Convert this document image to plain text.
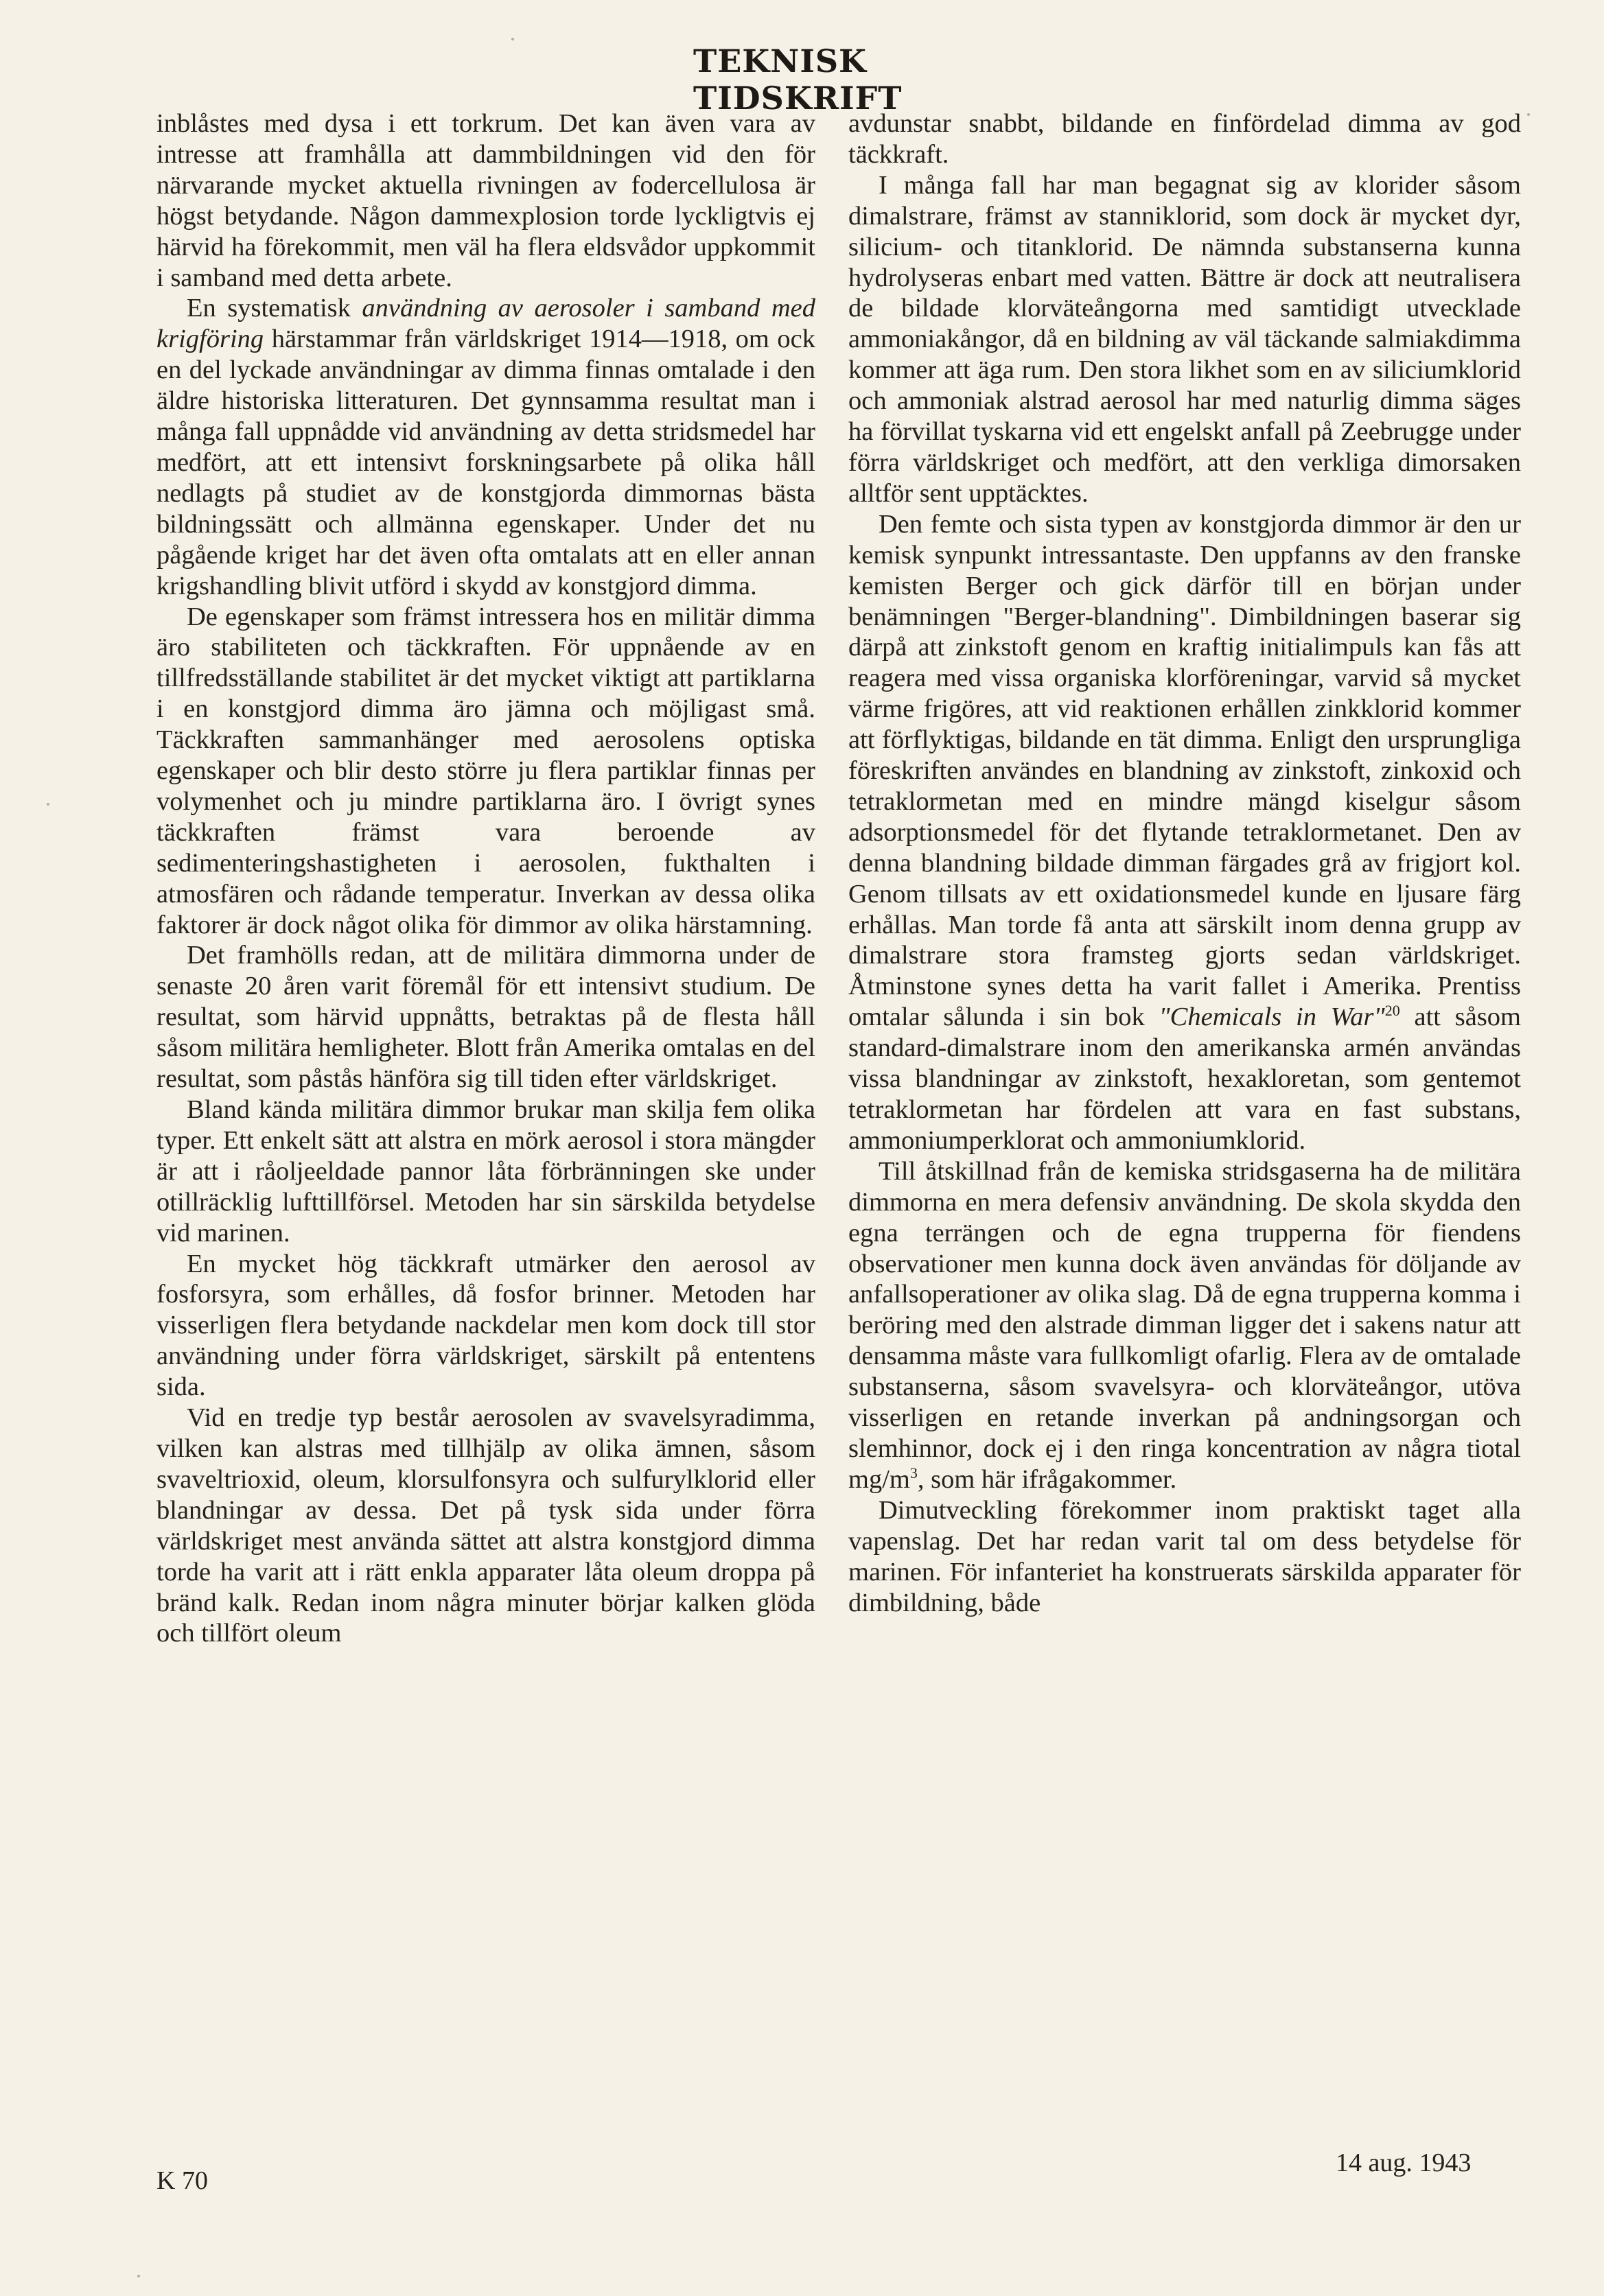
TEKNISK TIDSKRIFT

inblåstes med dysa i ett torkrum. Det kan även vara av intresse att framhålla att dammbildningen vid den för närvarande mycket aktuella rivningen av fodercellulosa är högst betydande. Någon dammexplosion torde lyckligtvis ej härvid ha förekommit, men väl ha flera eldsvådor uppkommit i samband med detta arbete.

En systematisk användning av aerosoler i samband med krigföring härstammar från världskriget 1914—1918, om ock en del lyckade användningar av dimma finnas omtalade i den äldre historiska litteraturen. Det gynnsamma resultat man i många fall uppnådde vid användning av detta stridsmedel har medfört, att ett intensivt forskningsarbete på olika håll nedlagts på studiet av de konstgjorda dimmornas bästa bildningssätt och allmänna egenskaper. Under det nu pågående kriget har det även ofta omtalats att en eller annan krigshandling blivit utförd i skydd av konstgjord dimma.

De egenskaper som främst intressera hos en militär dimma äro stabiliteten och täckkraften. För uppnående av en tillfredsställande stabilitet är det mycket viktigt att partiklarna i en konstgjord dimma äro jämna och möjligast små. Täckkraften sammanhänger med aerosolens optiska egenskaper och blir desto större ju flera partiklar finnas per volymenhet och ju mindre partiklarna äro. I övrigt synes täckkraften främst vara beroende av sedimenteringshastigheten i aerosolen, fukthalten i atmosfären och rådande temperatur. Inverkan av dessa olika faktorer är dock något olika för dimmor av olika härstamning.

Det framhölls redan, att de militära dimmorna under de senaste 20 åren varit föremål för ett intensivt studium. De resultat, som härvid uppnåtts, betraktas på de flesta håll såsom militära hemligheter. Blott från Amerika omtalas en del resultat, som påstås hänföra sig till tiden efter världskriget.

Bland kända militära dimmor brukar man skilja fem olika typer. Ett enkelt sätt att alstra en mörk aerosol i stora mängder är att i råoljeeldade pannor låta förbränningen ske under otillräcklig lufttillförsel. Metoden har sin särskilda betydelse vid marinen.

En mycket hög täckkraft utmärker den aerosol av fosforsyra, som erhålles, då fosfor brinner. Metoden har visserligen flera betydande nackdelar men kom dock till stor användning under förra världskriget, särskilt på ententens sida.

Vid en tredje typ består aerosolen av svavelsyradimma, vilken kan alstras med tillhjälp av olika ämnen, såsom svaveltrioxid, oleum, klorsulfonsyra och sulfurylklorid eller blandningar av dessa. Det på tysk sida under förra världskriget mest använda sättet att alstra konstgjord dimma torde ha varit att i rätt enkla apparater låta oleum droppa på bränd kalk. Redan inom några minuter börjar kalken glöda och tillfört oleum

avdunstar snabbt, bildande en finfördelad dimma av god täckkraft.

I många fall har man begagnat sig av klorider såsom dimalstrare, främst av stanniklorid, som dock är mycket dyr, silicium- och titanklorid. De nämnda substanserna kunna hydrolyseras enbart med vatten. Bättre är dock att neutralisera de bildade klorväteångorna med samtidigt utvecklade ammoniakångor, då en bildning av väl täckande salmiakdimma kommer att äga rum. Den stora likhet som en av siliciumklorid och ammoniak alstrad aerosol har med naturlig dimma säges ha förvillat tyskarna vid ett engelskt anfall på Zeebrugge under förra världskriget och medfört, att den verkliga dimorsaken alltför sent upptäcktes.

Den femte och sista typen av konstgjorda dimmor är den ur kemisk synpunkt intressantaste. Den uppfanns av den franske kemisten Berger och gick därför till en början under benämningen "Berger-blandning". Dimbildningen baserar sig därpå att zinkstoft genom en kraftig initialimpuls kan fås att reagera med vissa organiska klorföreningar, varvid så mycket värme frigöres, att vid reaktionen erhållen zinkklorid kommer att förflyktigas, bildande en tät dimma. Enligt den ursprungliga föreskriften användes en blandning av zinkstoft, zinkoxid och tetraklormetan med en mindre mängd kiselgur såsom adsorptionsmedel för det flytande tetraklormetanet. Den av denna blandning bildade dimman färgades grå av frigjort kol. Genom tillsats av ett oxidationsmedel kunde en ljusare färg erhållas. Man torde få anta att särskilt inom denna grupp av dimalstrare stora framsteg gjorts sedan världskriget. Åtminstone synes detta ha varit fallet i Amerika. Prentiss omtalar sålunda i sin bok "Chemicals in War"$^{20}$ att såsom standard-dimalstrare inom den amerikanska armén användas vissa blandningar av zinkstoft, hexakloretan, som gentemot tetraklormetan har fördelen att vara en fast substans, ammoniumperklorat och ammoniumklorid.

Till åtskillnad från de kemiska stridsgaserna ha de militära dimmorna en mera defensiv användning. De skola skydda den egna terrängen och de egna trupperna för fiendens observationer men kunna dock även användas för döljande av anfallsoperationer av olika slag. Då de egna trupperna komma i beröring med den alstrade dimman ligger det i sakens natur att densamma måste vara fullkomligt ofarlig. Flera av de omtalade substanserna, såsom svavelsyra- och klorväteångor, utöva visserligen en retande inverkan på andningsorgan och slemhinnor, dock ej i den ringa koncentration av några tiotal $mg/m^3$, som här ifrågakommer.

Dimutveckling förekommer inom praktiskt taget alla vapenslag. Det har redan varit tal om dess betydelse för marinen. För infanteriet ha konstruerats särskilda apparater för dimbildning, både

K 70
14 aug. 1943
